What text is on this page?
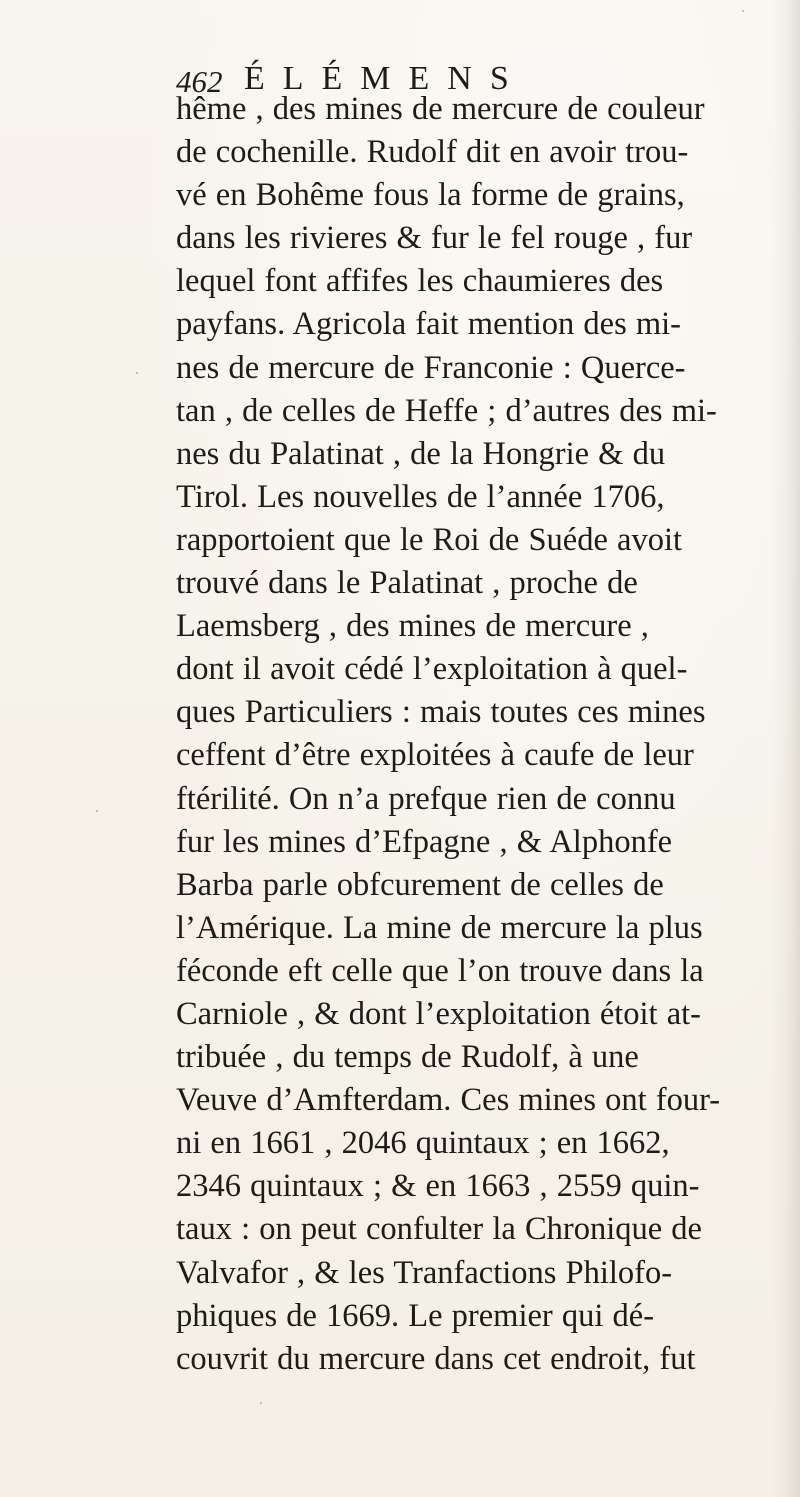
462 ÉLÉMENS
hême , des mines de mercure de couleur
de cochenille. Rudolf dit en avoir trou-
vé en Bohême fous la forme de grains,
dans les rivieres & fur le fel rouge , fur
lequel font affifes les chaumieres des
payfans. Agricola fait mention des mi-
nes de mercure de Franconie : Querce-
tan , de celles de Heffe ; d’autres des mi-
nes du Palatinat , de la Hongrie & du
Tirol. Les nouvelles de l’année 1706,
rapportoient que le Roi de Suéde avoit
trouvé dans le Palatinat , proche de
Laemsberg , des mines de mercure ,
dont il avoit cédé l’exploitation à quel-
ques Particuliers : mais toutes ces mines
ceffent d’être exploitées à caufe de leur
ftérilité. On n’a prefque rien de connu
fur les mines d’Efpagne , & Alphonfe
Barba parle obfcurement de celles de
l’Amérique. La mine de mercure la plus
féconde eft celle que l’on trouve dans la
Carniole , & dont l’exploitation étoit at-
tribuée , du temps de Rudolf, à une
Veuve d’Amfterdam. Ces mines ont four-
ni en 1661 , 2046 quintaux ; en 1662,
2346 quintaux ; & en 1663 , 2559 quin-
taux : on peut confulter la Chronique de
Valvafor , & les Tranfactions Philofo-
phiques de 1669. Le premier qui dé-
couvrit du mercure dans cet endroit, fut
